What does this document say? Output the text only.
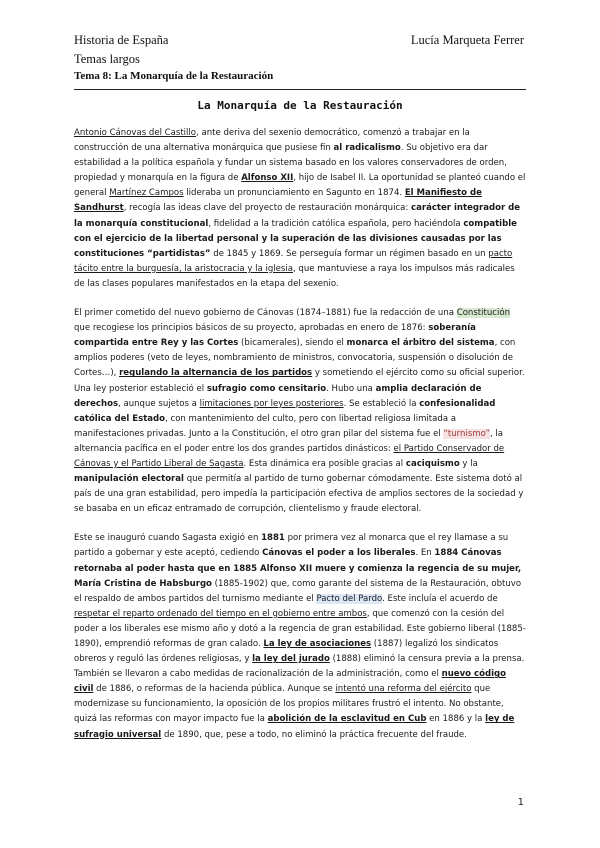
Historia de España	Lucía Marqueta Ferrer
Temas largos
Tema 8: La Monarquía de la Restauración
La Monarquía de la Restauración

Antonio Cánovas del Castillo, ante deriva del sexenio democrático, comenzó a trabajar en la construcción de una alternativa monárquica que pusiese fin al radicalismo. Su objetivo era dar estabilidad a la política española y fundar un sistema basado en los valores conservadores de orden, propiedad y monarquía en la figura de Alfonso XII, hijo de Isabel II. La oportunidad se planteó cuando el general Martínez Campos lideraba un pronunciamiento en Sagunto en 1874. El Manifiesto de Sandhurst, recogía las ideas clave del proyecto de restauración monárquica: carácter integrador de la monarquía constitucional, fidelidad a la tradición católica española, pero haciéndola compatible con el ejercicio de la libertad personal y la superación de las divisiones causadas por las constituciones “partidistas” de 1845 y 1869. Se perseguía formar un régimen basado en un pacto tácito entre la burguesía, la aristocracia y la iglesia, que mantuviese a raya los impulsos más radicales de las clases populares manifestados en la etapa del sexenio.

El primer cometido del nuevo gobierno de Cánovas (1874–1881) fue la redacción de una Constitución que recogiese los principios básicos de su proyecto, aprobadas en enero de 1876: soberanía compartida entre Rey y las Cortes (bicamerales), siendo el monarca el árbitro del sistema, con amplios poderes (veto de leyes, nombramiento de ministros, convocatoria, suspensión o disolución de Cortes…), regulando la alternancia de los partidos y sometiendo el ejército como su oficial superior. Una ley posterior estableció el sufragio como censitario. Hubo una amplia declaración de derechos, aunque sujetos a limitaciones por leyes posteriores. Se estableció la confesionalidad católica del Estado, con mantenimiento del culto, pero con libertad religiosa limitada a manifestaciones privadas. Junto a la Constitución, el otro gran pilar del sistema fue el “turnismo”, la alternancia pacífica en el poder entre los dos grandes partidos dinásticos: el Partido Conservador de Cánovas y el Partido Liberal de Sagasta. Esta dinámica era posible gracias al caciquismo y la manipulación electoral que permitía al partido de turno gobernar cómodamente. Este sistema dotó al país de una gran estabilidad, pero impedía la participación efectiva de amplios sectores de la sociedad y se basaba en un eficaz entramado de corrupción, clientelismo y fraude electoral.

Este se inauguró cuando Sagasta exigió en 1881 por primera vez al monarca que el rey llamase a su partido a gobernar y este aceptó, cediendo Cánovas el poder a los liberales. En 1884 Cánovas retornaba al poder hasta que en 1885 Alfonso XII muere y comienza la regencia de su mujer, María Cristina de Habsburgo (1885-1902) que, como garante del sistema de la Restauración, obtuvo el respaldo de ambos partidos del turnismo mediante el Pacto del Pardo. Este incluía el acuerdo de respetar el reparto ordenado del tiempo en el gobierno entre ambos, que comenzó con la cesión del poder a los liberales ese mismo año y dotó a la regencia de gran estabilidad. Este gobierno liberal (1885-1890), emprendió reformas de gran calado. La ley de asociaciones (1887) legalizó los sindicatos obreros y reguló las órdenes religiosas, y la ley del jurado (1888) eliminó la censura previa a la prensa. También se llevaron a cabo medidas de racionalización de la administración, como el nuevo código civil de 1886, o reformas de la hacienda pública. Aunque se intentó una reforma del ejército que modernizase su funcionamiento, la oposición de los propios militares frustró el intento. No obstante, quizá las reformas con mayor impacto fue la abolición de la esclavitud en Cub en 1886 y la ley de sufragio universal de 1890, que, pese a todo, no eliminó la práctica frecuente del fraude.

1
